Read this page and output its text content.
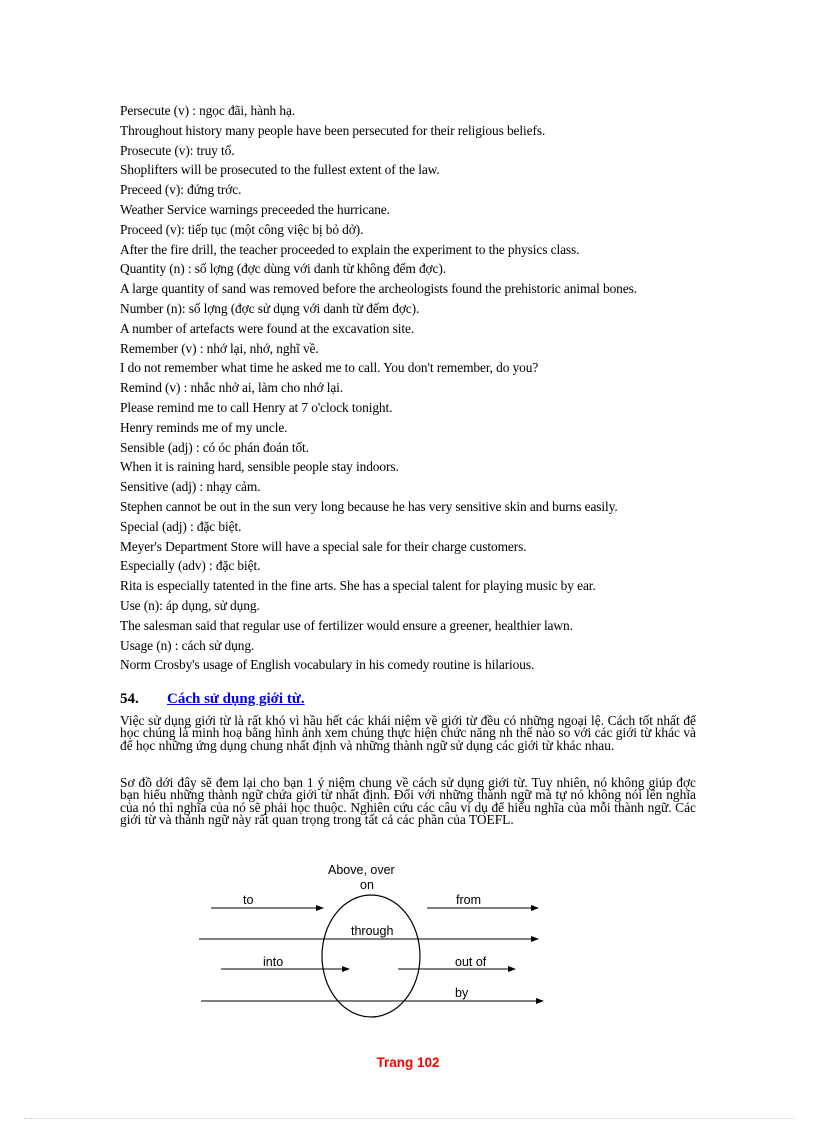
Persecute (v) : ngọc đãi, hành hạ.
Throughout history many people have been persecuted for their religious beliefs.
Prosecute (v): truy tố.
Shoplifters will be prosecuted to the fullest extent of the law.
Preceed (v): đứng trớc.
Weather Service warnings preceeded the hurricane.
Proceed (v): tiếp tục (một công việc bị bỏ dở).
After the fire drill, the teacher proceeded to explain the experiment to the physics class.
Quantity (n) : số lợng (đợc dùng với danh từ không đếm đợc).
A large quantity of sand was removed before the archeologists found the prehistoric animal bones.
Number (n): số lợng (đợc sử dụng với danh từ đếm đợc).
A number of artefacts were found at the excavation site.
Remember (v) : nhớ lại, nhớ, nghĩ về.
I do not remember what time he asked me to call. You don't remember, do you?
Remind (v) : nhắc nhở ai, làm cho nhớ lại.
Please remind me to call Henry at 7 o'clock tonight.
Henry reminds me of my uncle.
Sensible (adj) : có óc phán đoán tốt.
When it is raining hard, sensible people stay indoors.
Sensitive (adj) : nhạy cảm.
Stephen cannot be out in the sun very long because he has very sensitive skin and burns easily.
Special (adj) : đặc biệt.
Meyer's Department Store will have a special sale for their charge customers.
Especially (adv) : đặc biệt.
Rita is especially tatented in the fine arts. She has a special talent for playing music by ear.
Use (n): áp dụng, sử dụng.
The salesman said that regular use of fertilizer would ensure a greener, healthier lawn.
Usage (n) : cách sử dụng.
Norm Crosby's usage of English vocabulary in his comedy routine is hilarious.
54. Cách sử dụng giới từ.
Việc sử dụng giới từ là rất khó vì hầu hết các khái niệm về giới từ đều có những ngoại lệ. Cách tốt nhất để học chúng là minh hoạ bằng hình ảnh xem chúng thực hiện chức năng nh thế nào so với các giới từ khác và để học những ứng dụng chung nhất định và những thành ngữ sử dụng các giới từ khác nhau.
Sơ đồ dới đây sẽ đem lại cho bạn 1 ý niệm chung về cách sử dụng giới từ. Tuy nhiên, nó không giúp đợc bạn hiểu những thành ngữ chứa giới từ nhất định. Đối với những thành ngữ mà tự nó không nói lên nghĩa của nó thì nghĩa của nó sẽ phải học thuộc. Nghiên cứu các câu ví dụ để hiểu nghĩa của mỗi thành ngữ. Các giới từ và thành ngữ này rất quan trọng trong tất cả các phần của TOEFL.
Above, over
on
to	from
through
into	out of
by
Trang 102
